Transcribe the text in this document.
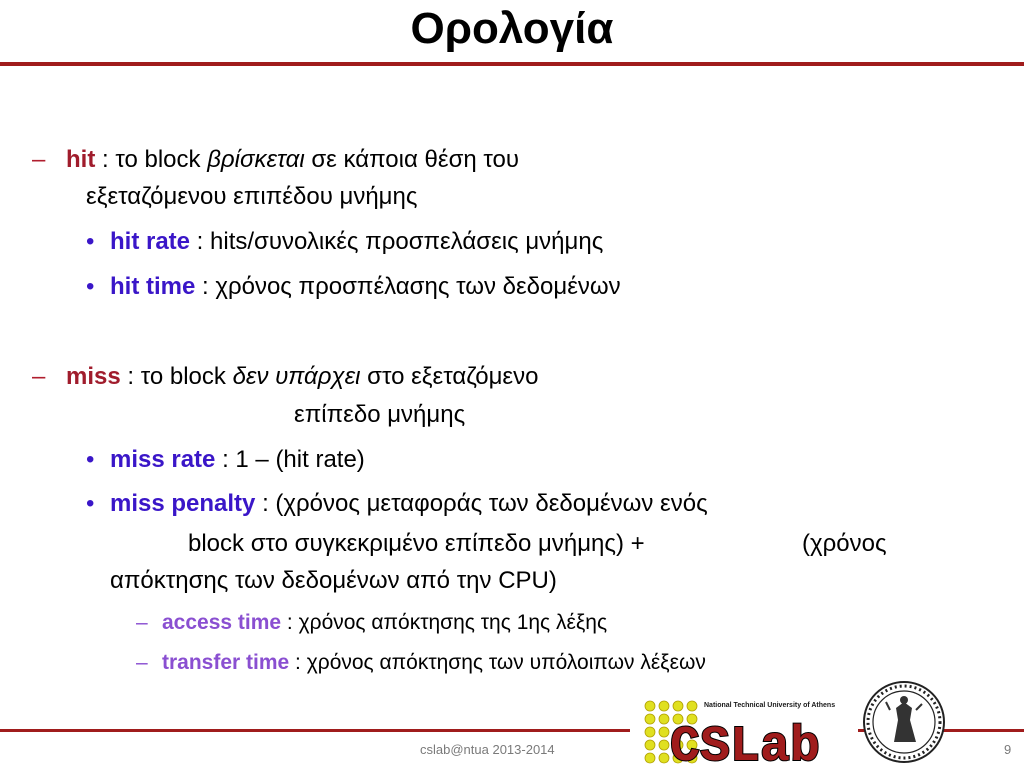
Ορολογία
– hit : το block βρίσκεται σε κάποια θέση του
εξεταζόμενου επιπέδου μνήμης
• hit rate : hits/συνολικές προσπελάσεις μνήμης
• hit time : χρόνος προσπέλασης των δεδομένων
– miss : το block δεν υπάρχει στο εξεταζόμενο
επίπεδο μνήμης
• miss rate : 1 – (hit rate)
• miss penalty : (χρόνος μεταφοράς των δεδομένων ενός
block στο συγκεκριμένο επίπεδο μνήμης) +	(χρόνος
απόκτησης των δεδομένων από την CPU)
– access time : χρόνος απόκτησης της 1ης λέξης
– transfer time : χρόνος απόκτησης των υπόλοιπων λέξεων
cslab@ntua 2013-2014	9
National Technical University of Athens
CSLab
